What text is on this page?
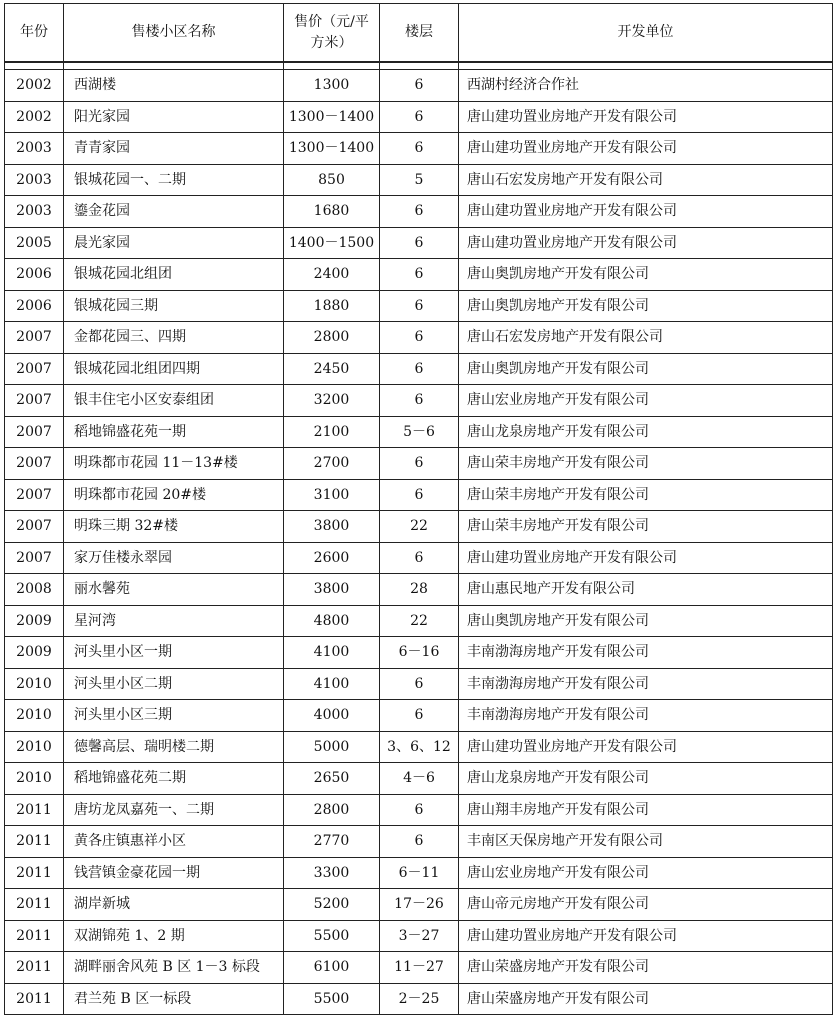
年份	售楼小区名称	售价（元/平方米）	楼层	开发单位

2002	西湖楼	1300	6	西湖村经济合作社
2002	阳光家园	1300－1400	6	唐山建功置业房地产开发有限公司
2003	青青家园	1300－1400	6	唐山建功置业房地产开发有限公司
2003	银城花园一、二期	850	5	唐山石宏发房地产开发有限公司
2003	鎏金花园	1680	6	唐山建功置业房地产开发有限公司
2005	晨光家园	1400－1500	6	唐山建功置业房地产开发有限公司
2006	银城花园北组团	2400	6	唐山奥凯房地产开发有限公司
2006	银城花园三期	1880	6	唐山奥凯房地产开发有限公司
2007	金都花园三、四期	2800	6	唐山石宏发房地产开发有限公司
2007	银城花园北组团四期	2450	6	唐山奥凯房地产开发有限公司
2007	银丰住宅小区安泰组团	3200	6	唐山宏业房地产开发有限公司
2007	稻地锦盛花苑一期	2100	5－6	唐山龙泉房地产开发有限公司
2007	明珠都市花园 11－13#楼	2700	6	唐山荣丰房地产开发有限公司
2007	明珠都市花园 20#楼	3100	6	唐山荣丰房地产开发有限公司
2007	明珠三期 32#楼	3800	22	唐山荣丰房地产开发有限公司
2007	家万佳楼永翠园	2600	6	唐山建功置业房地产开发有限公司
2008	丽水馨苑	3800	28	唐山惠民地产开发有限公司
2009	星河湾	4800	22	唐山奥凯房地产开发有限公司
2009	河头里小区一期	4100	6－16	丰南渤海房地产开发有限公司
2010	河头里小区二期	4100	6	丰南渤海房地产开发有限公司
2010	河头里小区三期	4000	6	丰南渤海房地产开发有限公司
2010	德馨高层、瑞明楼二期	5000	3、6、12	唐山建功置业房地产开发有限公司
2010	稻地锦盛花苑二期	2650	4－6	唐山龙泉房地产开发有限公司
2011	唐坊龙凤嘉苑一、二期	2800	6	唐山翔丰房地产开发有限公司
2011	黄各庄镇惠祥小区	2770	6	丰南区天保房地产开发有限公司
2011	钱营镇金豪花园一期	3300	6－11	唐山宏业房地产开发有限公司
2011	湖岸新城	5200	17－26	唐山帝元房地产开发有限公司
2011	双湖锦苑 1、2 期	5500	3－27	唐山建功置业房地产开发有限公司
2011	湖畔丽舍风苑 B 区 1－3 标段	6100	11－27	唐山荣盛房地产开发有限公司
2011	君兰苑 B 区一标段	5500	2－25	唐山荣盛房地产开发有限公司
